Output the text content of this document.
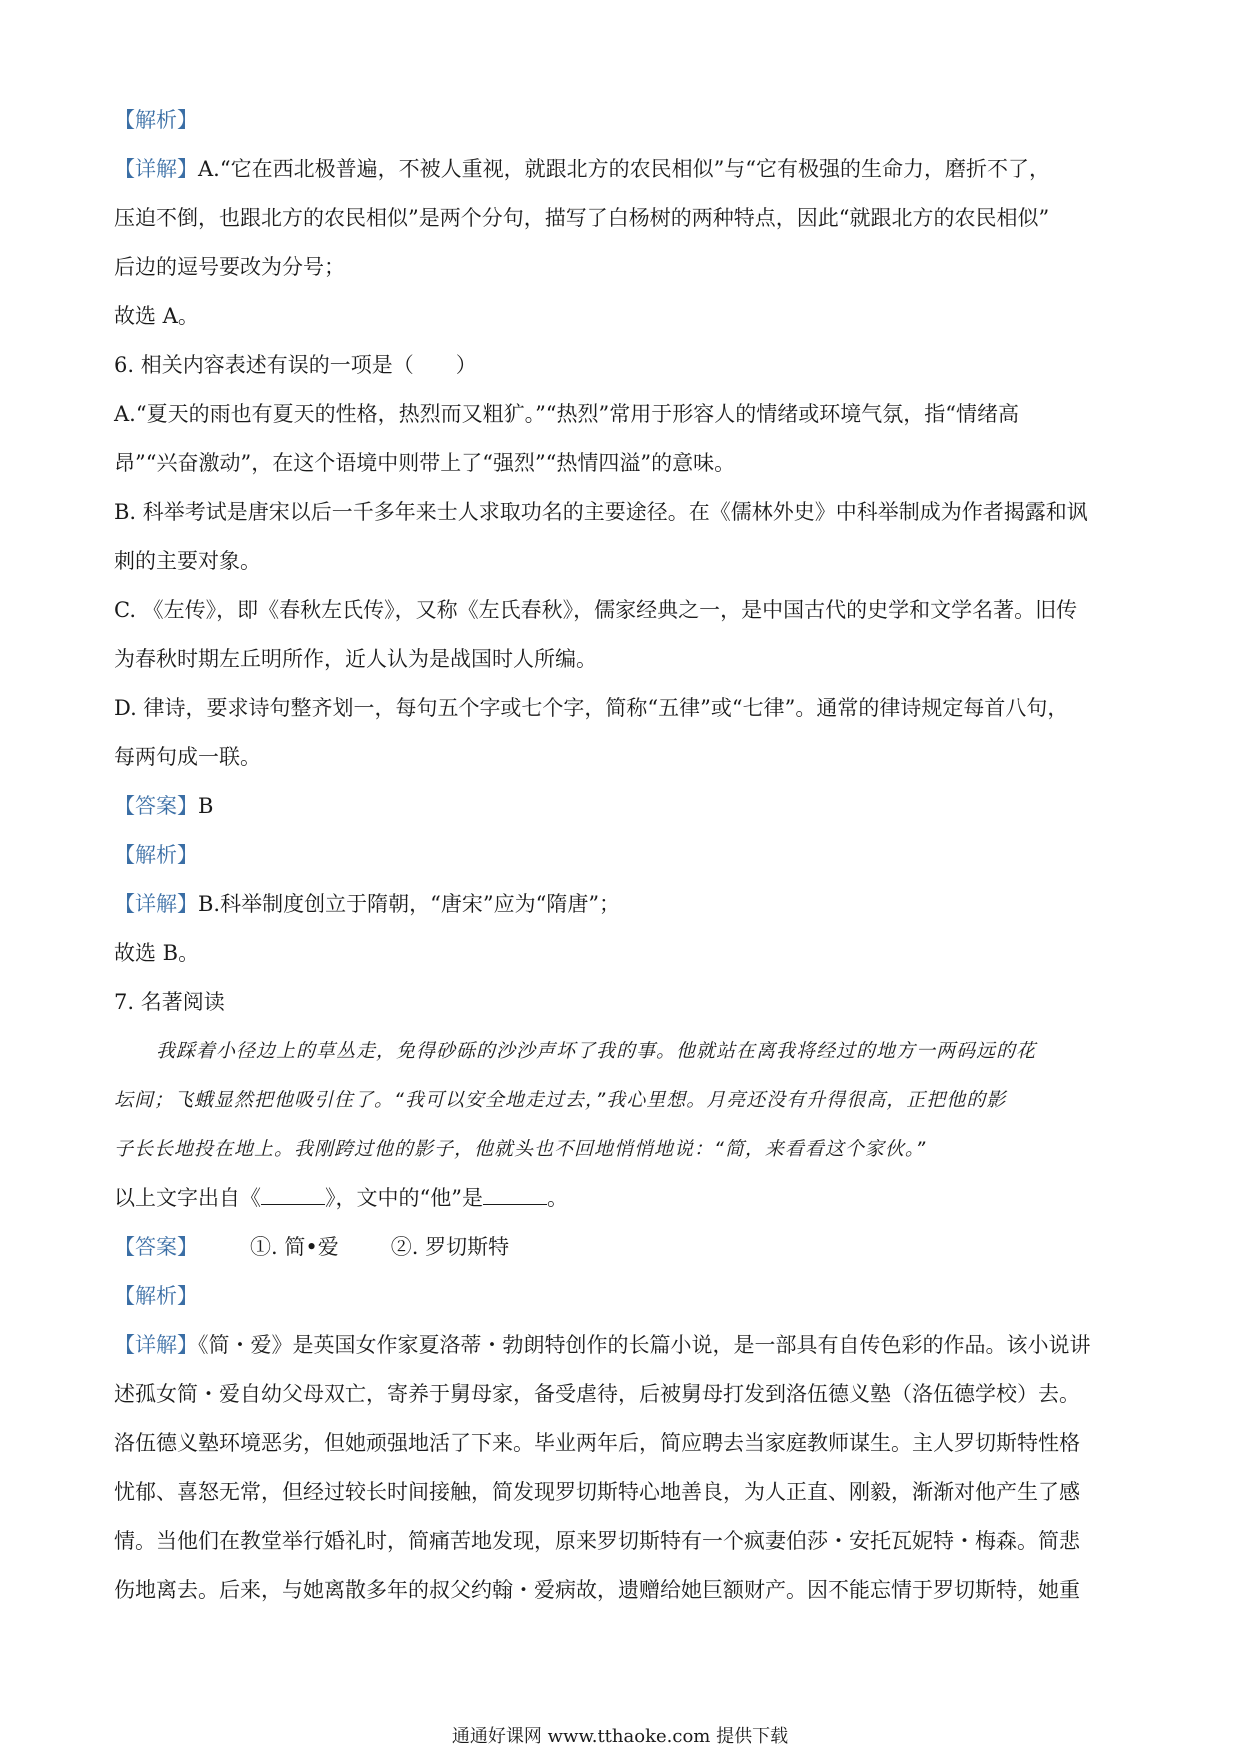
【解析】
【详解】A.“它在西北极普遍，不被人重视，就跟北方的农民相似”与“它有极强的生命力，磨折不了，
压迫不倒，也跟北方的农民相似”是两个分句，描写了白杨树的两种特点，因此“就跟北方的农民相似”
后边的逗号要改为分号；
故选 A。
6. 相关内容表述有误的一项是（　　）
A.“夏天的雨也有夏天的性格，热烈而又粗犷。”“热烈”常用于形容人的情绪或环境气氛，指“情绪高
昂”“兴奋激动”，在这个语境中则带上了“强烈”“热情四溢”的意味。
B. 科举考试是唐宋以后一千多年来士人求取功名的主要途径。在《儒林外史》中科举制成为作者揭露和讽
刺的主要对象。
C. 《左传》，即《春秋左氏传》，又称《左氏春秋》，儒家经典之一，是中国古代的史学和文学名著。旧传
为春秋时期左丘明所作，近人认为是战国时人所编。
D. 律诗，要求诗句整齐划一，每句五个字或七个字，简称“五律”或“七律”。通常的律诗规定每首八句，
每两句成一联。
【答案】B
【解析】
【详解】B.科举制度创立于隋朝，“唐宋”应为“隋唐”；
故选 B。
7. 名著阅读
我踩着小径边上的草丛走，免得砂砾的沙沙声坏了我的事。他就站在离我将经过的地方一两码远的花
坛间；飞蛾显然把他吸引住了。“我可以安全地走过去，”我心里想。月亮还没有升得很高，正把他的影
子长长地投在地上。我刚跨过他的影子，他就头也不回地悄悄地说：“简，来看看这个家伙。”
以上文字出自《	》，文中的“他”是	。
【答案】 ①. 简•爱 ②. 罗切斯特
【解析】
【详解】《简・爱》是英国女作家夏洛蒂・勃朗特创作的长篇小说，是一部具有自传色彩的作品。该小说讲
述孤女简・爱自幼父母双亡，寄养于舅母家，备受虐待，后被舅母打发到洛伍德义塾（洛伍德学校）去。
洛伍德义塾环境恶劣，但她顽强地活了下来。毕业两年后，简应聘去当家庭教师谋生。主人罗切斯特性格
忧郁、喜怒无常，但经过较长时间接触，简发现罗切斯特心地善良，为人正直、刚毅，渐渐对他产生了感
情。当他们在教堂举行婚礼时，简痛苦地发现，原来罗切斯特有一个疯妻伯莎・安托瓦妮特・梅森。简悲
伤地离去。后来，与她离散多年的叔父约翰・爱病故，遗赠给她巨额财产。因不能忘情于罗切斯特，她重
通通好课网 www.tthaoke.com 提供下载
